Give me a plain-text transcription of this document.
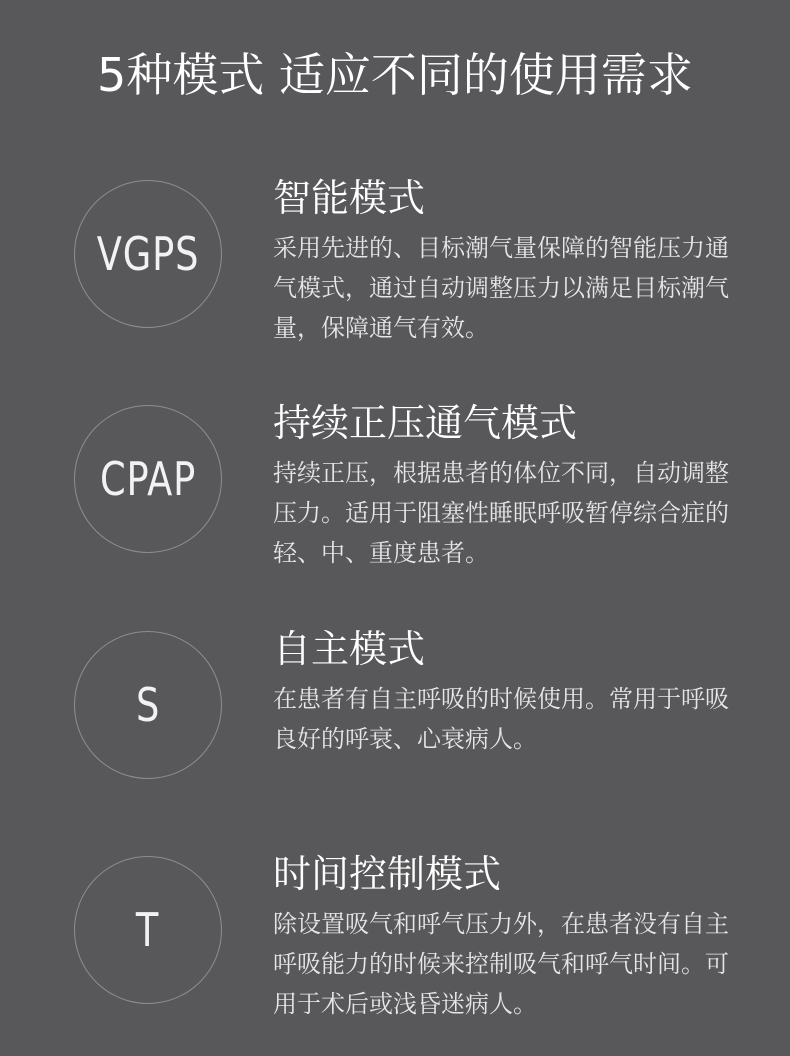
5种模式 适应不同的使用需求
VGPS
智能模式
采用先进的、目标潮气量保障的智能压力通气模式，通过自动调整压力以满足目标潮气量，保障通气有效。
CPAP
持续正压通气模式
持续正压，根据患者的体位不同，自动调整压力。适用于阻塞性睡眠呼吸暂停综合症的轻、中、重度患者。
S
自主模式
在患者有自主呼吸的时候使用。常用于呼吸良好的呼衰、心衰病人。
T
时间控制模式
除设置吸气和呼气压力外，在患者没有自主呼吸能力的时候来控制吸气和呼气时间。可用于术后或浅昏迷病人。
